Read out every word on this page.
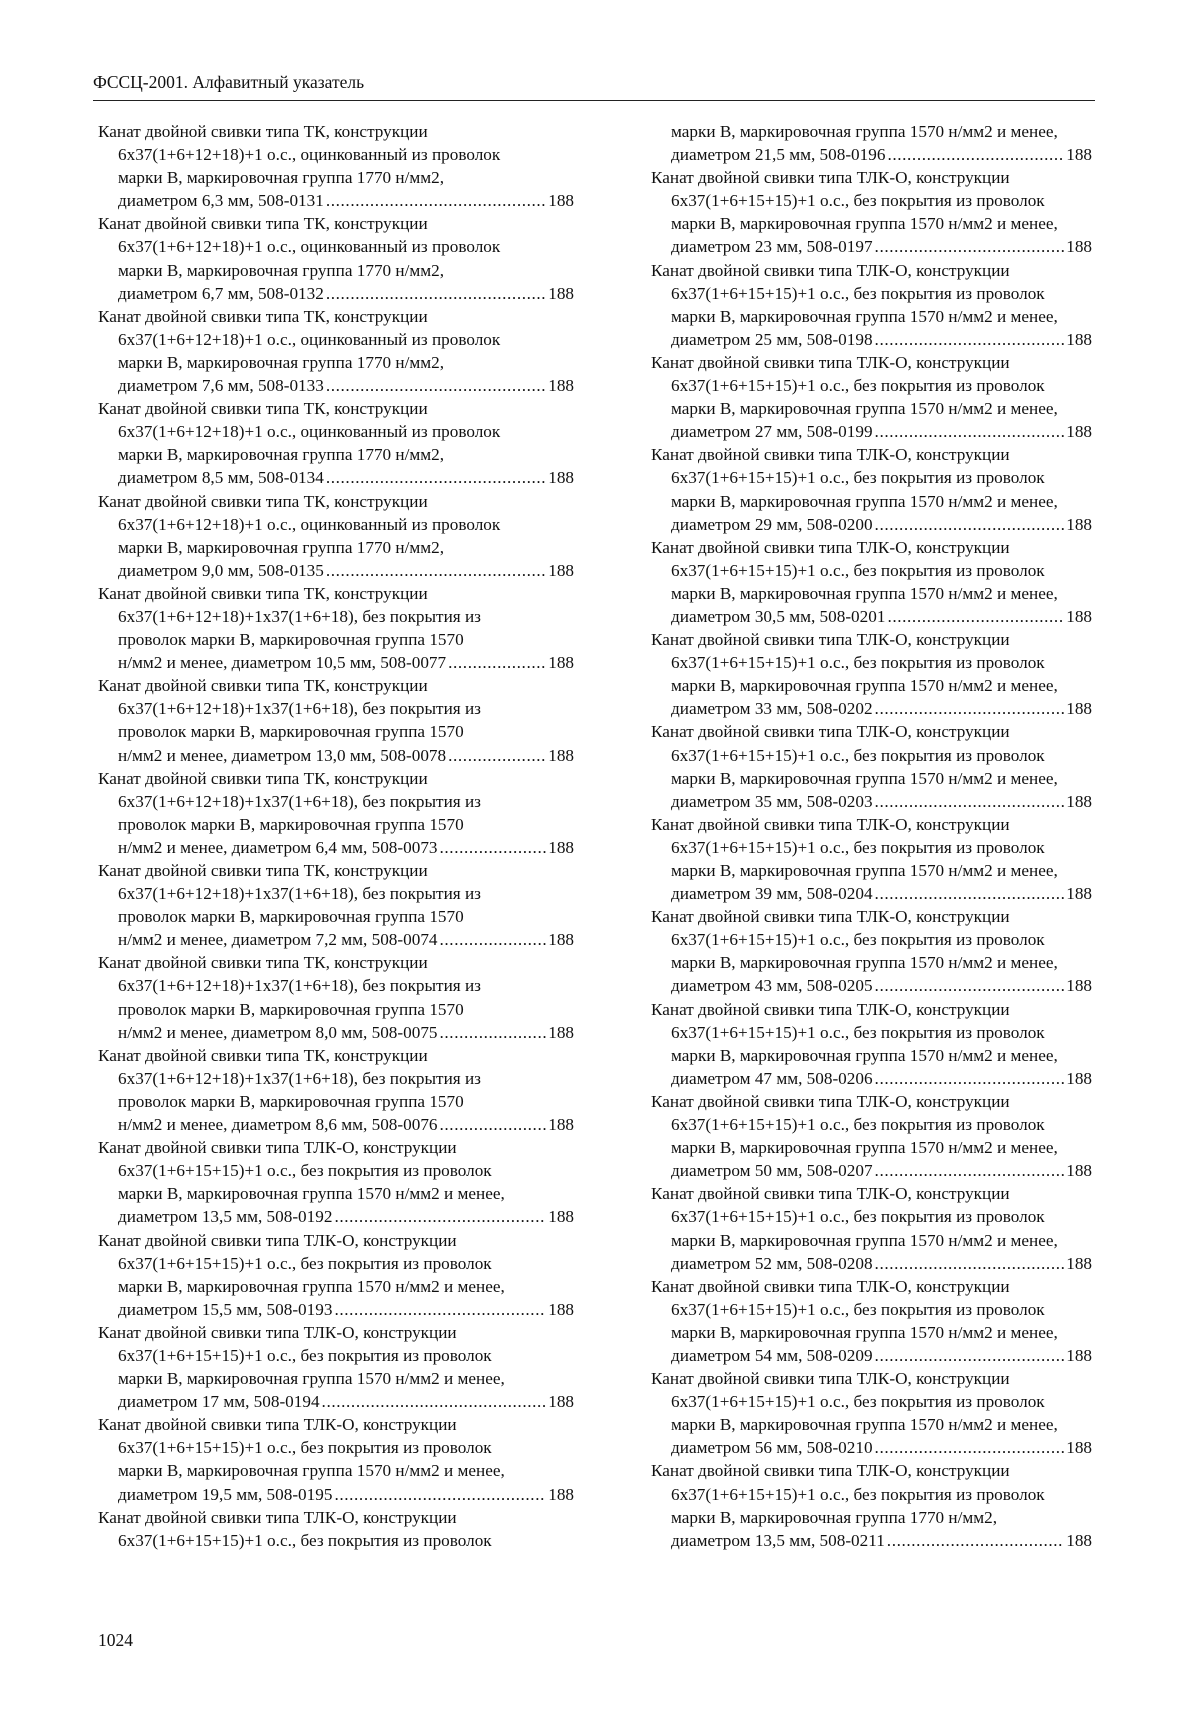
ФССЦ-2001. Алфавитный указатель
Канат двойной свивки типа ТК, конструкции
6х37(1+6+12+18)+1 о.с., оцинкованный из проволок
марки В, маркировочная группа 1770 н/мм2,
диаметром 6,3 мм, 508-0131 .....	188
Канат двойной свивки типа ТК, конструкции
6х37(1+6+12+18)+1 о.с., оцинкованный из проволок
марки В, маркировочная группа 1770 н/мм2,
диаметром 6,7 мм, 508-0132 .....	188
Канат двойной свивки типа ТК, конструкции
6х37(1+6+12+18)+1 о.с., оцинкованный из проволок
марки В, маркировочная группа 1770 н/мм2,
диаметром 7,6 мм, 508-0133 .....	188
Канат двойной свивки типа ТК, конструкции
6х37(1+6+12+18)+1 о.с., оцинкованный из проволок
марки В, маркировочная группа 1770 н/мм2,
диаметром 8,5 мм, 508-0134 .....	188
Канат двойной свивки типа ТК, конструкции
6х37(1+6+12+18)+1 о.с., оцинкованный из проволок
марки В, маркировочная группа 1770 н/мм2,
диаметром 9,0 мм, 508-0135 .....	188
Канат двойной свивки типа ТК, конструкции
6х37(1+6+12+18)+1х37(1+6+18), без покрытия из
проволок марки В, маркировочная группа 1570
н/мм2 и менее, диаметром 10,5 мм, 508-0077 .....	188
Канат двойной свивки типа ТК, конструкции
6х37(1+6+12+18)+1х37(1+6+18), без покрытия из
проволок марки В, маркировочная группа 1570
н/мм2 и менее, диаметром 13,0 мм, 508-0078 .....	188
Канат двойной свивки типа ТК, конструкции
6х37(1+6+12+18)+1х37(1+6+18), без покрытия из
проволок марки В, маркировочная группа 1570
н/мм2 и менее, диаметром 6,4 мм, 508-0073 .....	188
Канат двойной свивки типа ТК, конструкции
6х37(1+6+12+18)+1х37(1+6+18), без покрытия из
проволок марки В, маркировочная группа 1570
н/мм2 и менее, диаметром 7,2 мм, 508-0074 .....	188
Канат двойной свивки типа ТК, конструкции
6х37(1+6+12+18)+1х37(1+6+18), без покрытия из
проволок марки В, маркировочная группа 1570
н/мм2 и менее, диаметром 8,0 мм, 508-0075 .....	188
Канат двойной свивки типа ТК, конструкции
6х37(1+6+12+18)+1х37(1+6+18), без покрытия из
проволок марки В, маркировочная группа 1570
н/мм2 и менее, диаметром 8,6 мм, 508-0076 .....	188
Канат двойной свивки типа ТЛК-О, конструкции
6х37(1+6+15+15)+1 о.с., без покрытия из проволок
марки В, маркировочная группа 1570 н/мм2 и менее,
диаметром 13,5 мм, 508-0192 .....	188
Канат двойной свивки типа ТЛК-О, конструкции
6х37(1+6+15+15)+1 о.с., без покрытия из проволок
марки В, маркировочная группа 1570 н/мм2 и менее,
диаметром 15,5 мм, 508-0193 .....	188
Канат двойной свивки типа ТЛК-О, конструкции
6х37(1+6+15+15)+1 о.с., без покрытия из проволок
марки В, маркировочная группа 1570 н/мм2 и менее,
диаметром 17 мм, 508-0194 .....	188
Канат двойной свивки типа ТЛК-О, конструкции
6х37(1+6+15+15)+1 о.с., без покрытия из проволок
марки В, маркировочная группа 1570 н/мм2 и менее,
диаметром 19,5 мм, 508-0195 .....	188
Канат двойной свивки типа ТЛК-О, конструкции
6х37(1+6+15+15)+1 о.с., без покрытия из проволок
марки В, маркировочная группа 1570 н/мм2 и менее,
диаметром 21,5 мм, 508-0196 .....	188
Канат двойной свивки типа ТЛК-О, конструкции
6х37(1+6+15+15)+1 о.с., без покрытия из проволок
марки В, маркировочная группа 1570 н/мм2 и менее,
диаметром 23 мм, 508-0197 .....	188
Канат двойной свивки типа ТЛК-О, конструкции
6х37(1+6+15+15)+1 о.с., без покрытия из проволок
марки В, маркировочная группа 1570 н/мм2 и менее,
диаметром 25 мм, 508-0198 .....	188
Канат двойной свивки типа ТЛК-О, конструкции
6х37(1+6+15+15)+1 о.с., без покрытия из проволок
марки В, маркировочная группа 1570 н/мм2 и менее,
диаметром 27 мм, 508-0199 .....	188
Канат двойной свивки типа ТЛК-О, конструкции
6х37(1+6+15+15)+1 о.с., без покрытия из проволок
марки В, маркировочная группа 1570 н/мм2 и менее,
диаметром 29 мм, 508-0200 .....	188
Канат двойной свивки типа ТЛК-О, конструкции
6х37(1+6+15+15)+1 о.с., без покрытия из проволок
марки В, маркировочная группа 1570 н/мм2 и менее,
диаметром 30,5 мм, 508-0201 .....	188
Канат двойной свивки типа ТЛК-О, конструкции
6х37(1+6+15+15)+1 о.с., без покрытия из проволок
марки В, маркировочная группа 1570 н/мм2 и менее,
диаметром 33 мм, 508-0202 .....	188
Канат двойной свивки типа ТЛК-О, конструкции
6х37(1+6+15+15)+1 о.с., без покрытия из проволок
марки В, маркировочная группа 1570 н/мм2 и менее,
диаметром 35 мм, 508-0203 .....	188
Канат двойной свивки типа ТЛК-О, конструкции
6х37(1+6+15+15)+1 о.с., без покрытия из проволок
марки В, маркировочная группа 1570 н/мм2 и менее,
диаметром 39 мм, 508-0204 .....	188
Канат двойной свивки типа ТЛК-О, конструкции
6х37(1+6+15+15)+1 о.с., без покрытия из проволок
марки В, маркировочная группа 1570 н/мм2 и менее,
диаметром 43 мм, 508-0205 .....	188
Канат двойной свивки типа ТЛК-О, конструкции
6х37(1+6+15+15)+1 о.с., без покрытия из проволок
марки В, маркировочная группа 1570 н/мм2 и менее,
диаметром 47 мм, 508-0206 .....	188
Канат двойной свивки типа ТЛК-О, конструкции
6х37(1+6+15+15)+1 о.с., без покрытия из проволок
марки В, маркировочная группа 1570 н/мм2 и менее,
диаметром 50 мм, 508-0207 .....	188
Канат двойной свивки типа ТЛК-О, конструкции
6х37(1+6+15+15)+1 о.с., без покрытия из проволок
марки В, маркировочная группа 1570 н/мм2 и менее,
диаметром 52 мм, 508-0208 .....	188
Канат двойной свивки типа ТЛК-О, конструкции
6х37(1+6+15+15)+1 о.с., без покрытия из проволок
марки В, маркировочная группа 1570 н/мм2 и менее,
диаметром 54 мм, 508-0209 .....	188
Канат двойной свивки типа ТЛК-О, конструкции
6х37(1+6+15+15)+1 о.с., без покрытия из проволок
марки В, маркировочная группа 1570 н/мм2 и менее,
диаметром 56 мм, 508-0210 .....	188
Канат двойной свивки типа ТЛК-О, конструкции
6х37(1+6+15+15)+1 о.с., без покрытия из проволок
марки В, маркировочная группа 1770 н/мм2,
диаметром 13,5 мм, 508-0211 .....	188
1024
